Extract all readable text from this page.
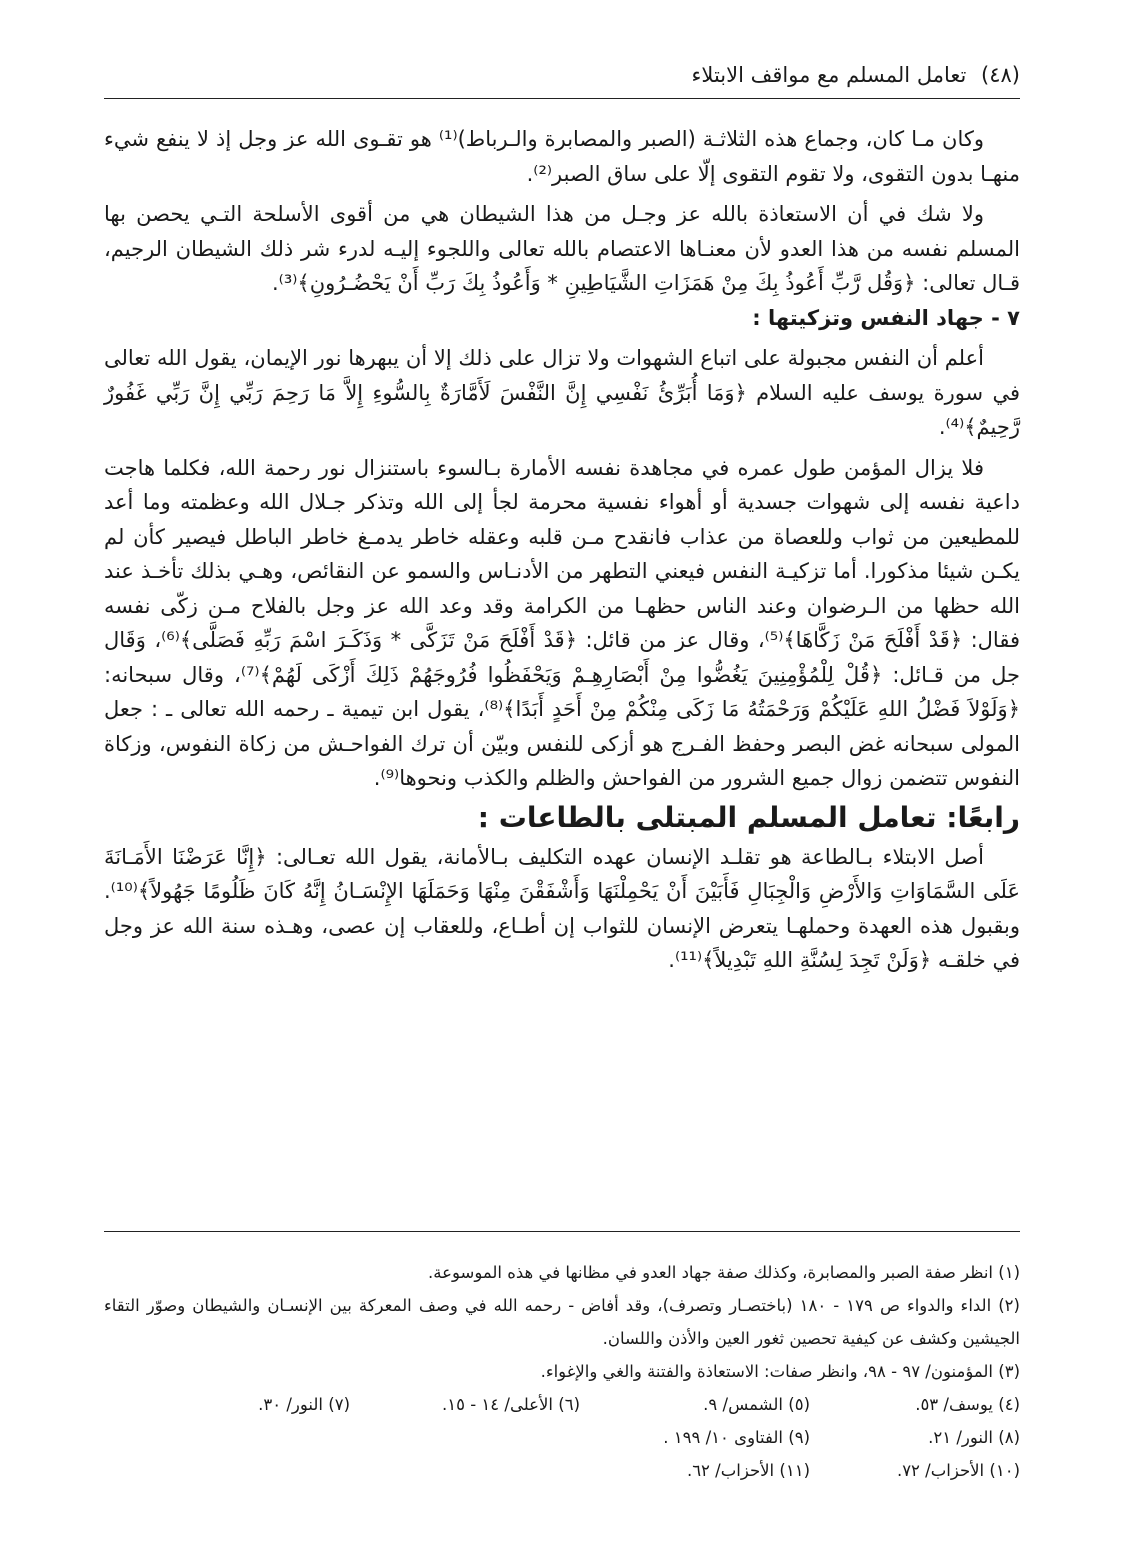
(٤٨) تعامل المسلم مع مواقف الابتلاء

وكان مـا كان، وجماع هذه الثلاثـة (الصبر والمصابرة والـرباط)⁽¹⁾ هو تقـوى الله عز وجل إذ لا ينفع شيء منهـا بدون التقوى، ولا تقوم التقوى إلّا على ساق الصبر⁽²⁾.

ولا شك في أن الاستعاذة بالله عز وجـل من هذا الشيطان هي من أقوى الأسلحة التـي يحصن بها المسلم نفسه من هذا العدو لأن معنـاها الاعتصام بالله تعالى واللجوء إليـه لدرء شر ذلك الشيطان الرجيم، قـال تعالى: ﴿وَقُل رَّبِّ أَعُوذُ بِكَ مِنْ هَمَزَاتِ الشَّيَاطِينِ * وَأَعُوذُ بِكَ رَبِّ أَنْ يَحْضُـرُونِ﴾⁽³⁾.

٧ - جهاد النفس وتزكيتها :

أعلم أن النفس مجبولة على اتباع الشهوات ولا تزال على ذلك إلا أن يبهرها نور الإيمان، يقول الله تعالى في سورة يوسف عليه السلام ﴿وَمَا أُبَرِّئُ نَفْسِي إِنَّ النَّفْسَ لَأَمَّارَةٌ بِالسُّوءِ إِلاَّ مَا رَحِمَ رَبِّي إِنَّ رَبِّي غَفُورٌ رَّحِيمٌ﴾⁽⁴⁾.

فلا يزال المؤمن طول عمره في مجاهدة نفسه الأمارة بـالسوء باستنزال نور رحمة الله، فكلما هاجت داعية نفسه إلى شهوات جسدية أو أهواء نفسية محرمة لجأ إلى الله وتذكر جـلال الله وعظمته وما أعد للمطيعين من ثواب وللعصاة من عذاب فانقدح مـن قلبه وعقله خاطر يدمـغ خاطر الباطل فيصير كأن لم يكـن شيئا مذكورا. أما تزكيـة النفس فيعني التطهر من الأدنـاس والسمو عن النقائص، وهـي بذلك تأخـذ عند الله حظها من الـرضوان وعند الناس حظهـا من الكرامة وقد وعد الله عز وجل بالفلاح مـن زكّى نفسه فقال: ﴿قَدْ أَفْلَحَ مَنْ زَكَّاهَا﴾⁽⁵⁾، وقال عز من قائل: ﴿قَدْ أَفْلَحَ مَنْ تَزَكَّى * وَذَكَـرَ اسْمَ رَبِّهِ فَصَلَّى﴾⁽⁶⁾، وَقَال جل من قـائل: ﴿قُلْ لِلْمُؤْمِنِينَ يَغُضُّوا مِنْ أَبْصَارِهِـمْ وَيَحْفَظُوا فُرُوجَهُمْ ذَلِكَ أَزْكَى لَهُمْ﴾⁽⁷⁾، وقال سبحانه: ﴿وَلَوْلاَ فَضْلُ اللهِ عَلَيْكُمْ وَرَحْمَتُهُ مَا زَكَى مِنْكُمْ مِنْ أَحَدٍ أَبَدًا﴾⁽⁸⁾، يقول ابن تيمية ـ رحمه الله تعالى ـ : جعل المولى سبحانه غض البصر وحفظ الفـرج هو أزكى للنفس وبيّن أن ترك الفواحـش من زكاة النفوس، وزكاة النفوس تتضمن زوال جميع الشرور من الفواحش والظلم والكذب ونحوها⁽⁹⁾.

رابعًا: تعامل المسلم المبتلى بالطاعات :

أصل الابتلاء بـالطاعة هو تقلـد الإنسان عهده التكليف بـالأمانة، يقول الله تعـالى: ﴿إِنَّا عَرَضْنَا الأَمَـانَةَ عَلَى السَّمَاوَاتِ وَالأَرْضِ وَالْجِبَالِ فَأَبَيْنَ أَنْ يَحْمِلْنَهَا وَأَشْفَقْنَ مِنْهَا وَحَمَلَهَا الإِنْسَـانُ إِنَّهُ كَانَ ظَلُومًا جَهُولاً﴾⁽¹⁰⁾. وبقبول هذه العهدة وحملهـا يتعرض الإنسان للثواب إن أطـاع، وللعقاب إن عصى، وهـذه سنة الله عز وجل في خلقـه ﴿وَلَنْ تَجِدَ لِسُنَّةِ اللهِ تَبْدِيلاً﴾⁽¹¹⁾.

(١) انظر صفة الصبر والمصابرة، وكذلك صفة جهاد العدو في مظانها في هذه الموسوعة.

(٢) الداء والدواء ص ١٧٩ - ١٨٠ (باختصـار وتصرف)، وقد أفاض - رحمه الله في وصف المعركة بين الإنسـان والشيطان وصوّر التقاء الجيشين وكشف عن كيفية تحصين ثغور العين والأذن واللسان.

(٣) المؤمنون/ ٩٧ - ٩٨، وانظر صفات: الاستعاذة والفتنة والغي والإغواء.

(٤) يوسف/ ٥٣.
(٥) الشمس/ ٩.
(٦) الأعلى/ ١٤ - ١٥.
(٧) النور/ ٣٠.
(٨) النور/ ٢١.
(٩) الفتاوى ١٠/ ١٩٩ .
(١٠) الأحزاب/ ٧٢.
(١١) الأحزاب/ ٦٢.
